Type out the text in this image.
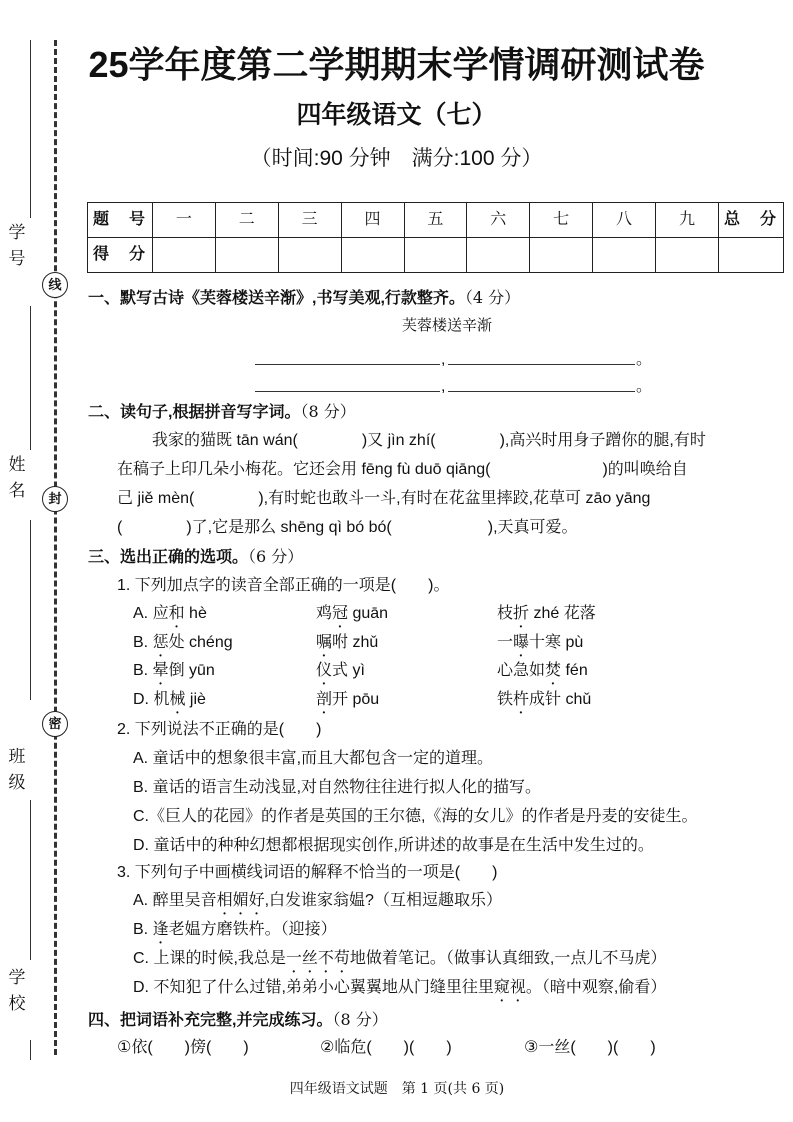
学号
姓名
班级
学校
线
封
密
25学年度第二学期期末学情调研测试卷
四年级语文（七）
（时间:90 分钟　满分:100 分）
题　号	一	二	三	四	五	六	七	八	九	总　分
得　分										
一、默写古诗《芙蓉楼送辛渐》,书写美观,行款整齐。（4 分）
芙蓉楼送辛渐
,	。
,	。
二、读句子,根据拼音写字词。（8 分）
我家的猫既 tān wán(　　　　)又 jìn zhí(　　　　),高兴时用身子蹭你的腿,有时
在稿子上印几朵小梅花。它还会用 fēng fù duō qiāng(　　　　　　　)的叫唤给自
己 jiě mèn(　　　　),有时蛇也敢斗一斗,有时在花盆里摔跤,花草可 zāo yāng
(　　　　)了,它是那么 shēng qì bó bó(　　　　　　),天真可爱。
三、选出正确的选项。（6 分）
1. 下列加点字的读音全部正确的一项是(　　)。
2. 下列说法不正确的是(　　)
A. 童话中的想象很丰富,而且大都包含一定的道理。
B. 童话的语言生动浅显,对自然物往往进行拟人化的描写。
C.《巨人的花园》的作者是英国的王尔德,《海的女儿》的作者是丹麦的安徒生。
D. 童话中的种种幻想都根据现实创作,所讲述的故事是在生活中发生过的。
3. 下列句子中画横线词语的解释不恰当的一项是(　　)
四、把词语补充完整,并完成练习。（8 分）
①依(　　)傍(　　)	②临危(　　)(　　)	③一丝(　　)(　　)
四年级语文试题　第 1 页(共 6 页)
A. 应和 hè	鸡冠 guān	枝折 zhé 花落
B. 惩处 chéng	嘱咐 zhǔ	一曝十寒 pù
B. 晕倒 yūn	仪式 yì	心急如焚 fén
D. 机械 jiè	剖开 pōu	铁杵成针 chǔ
A. 醉里吴音相媚好,白发谁家翁媪?（互相逗趣取乐）
B. 逢老媪方磨铁杵。（迎接）
C. 上课的时候,我总是一丝不苟地做着笔记。（做事认真细致,一点儿不马虎）
D. 不知犯了什么过错,弟弟小心翼翼地从门缝里往里窥视。（暗中观察,偷看）
